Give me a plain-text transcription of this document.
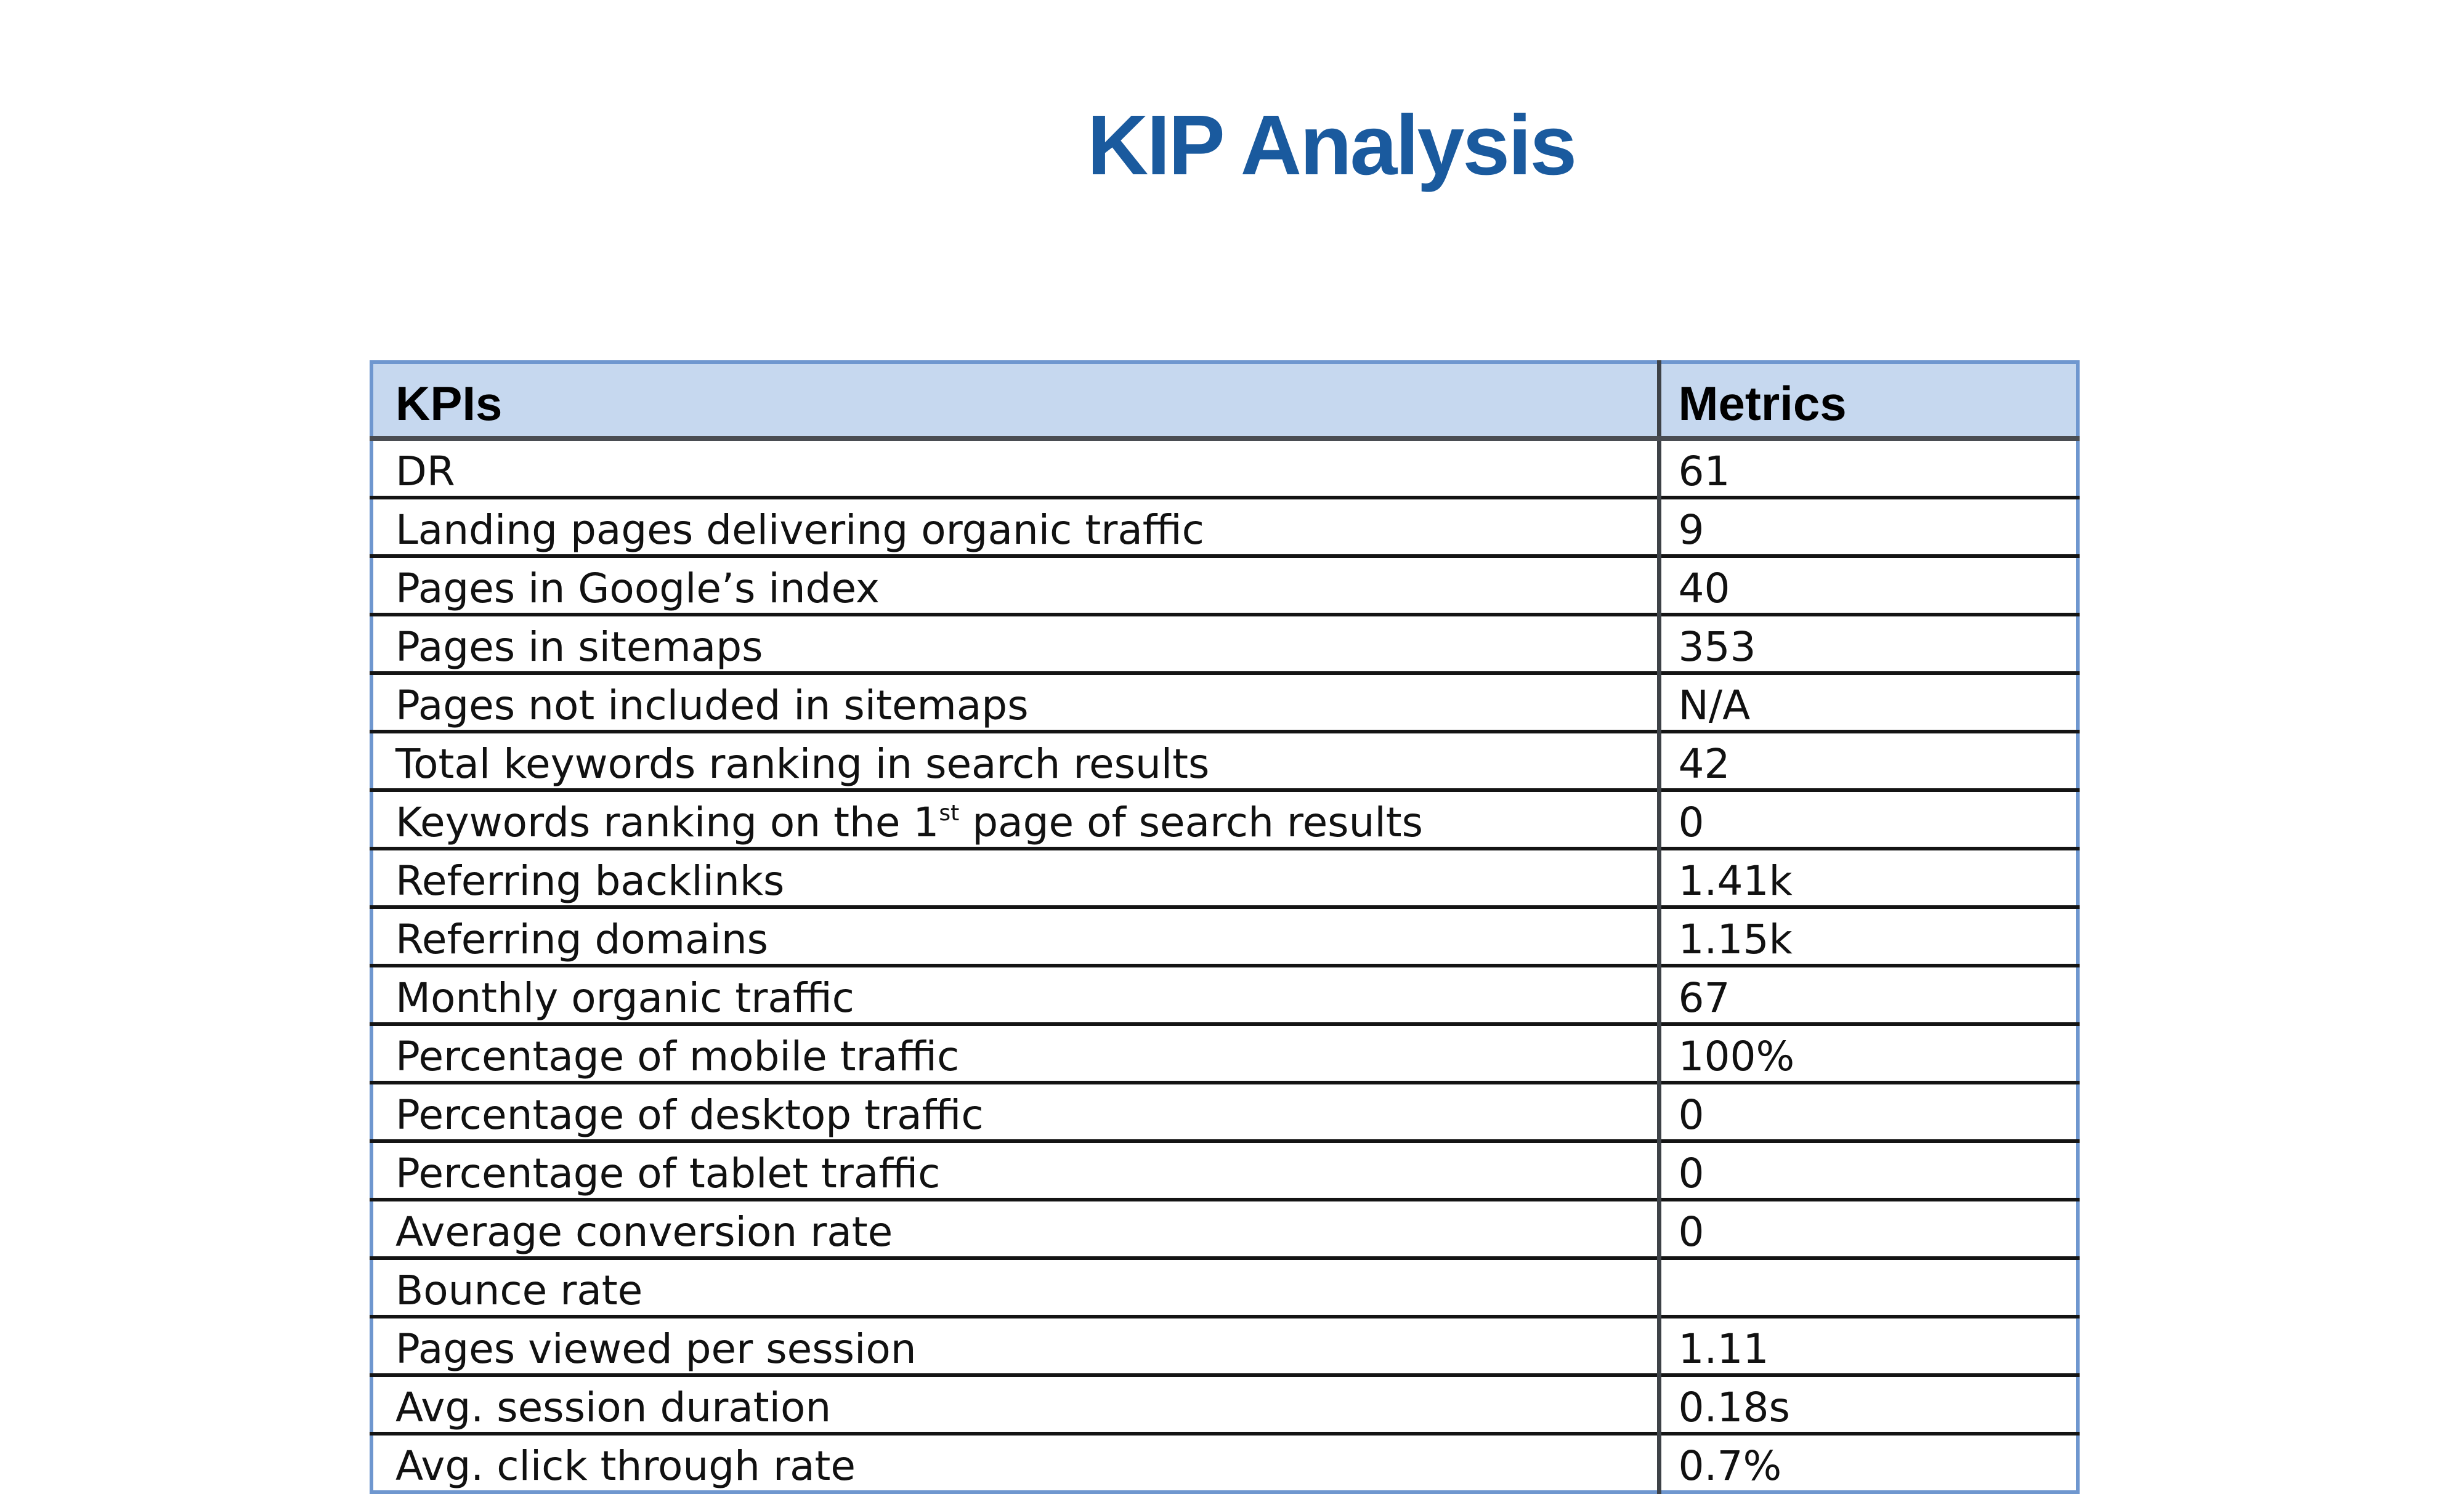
KIP Analysis
KPIs	Metrics
DR	61
Landing pages delivering organic traffic	9
Pages in Google’s index	40
Pages in sitemaps	353
Pages not included in sitemaps	N/A
Total keywords ranking in search results	42
Keywords ranking on the 1st page of search results	0
Referring backlinks	1.41k
Referring domains	1.15k
Monthly organic traffic	67
Percentage of mobile traffic	100%
Percentage of desktop traffic	0
Percentage of tablet traffic	0
Average conversion rate	0
Bounce rate	
Pages viewed per session	1.11
Avg. session duration	0.18s
Avg. click through rate	0.7%
